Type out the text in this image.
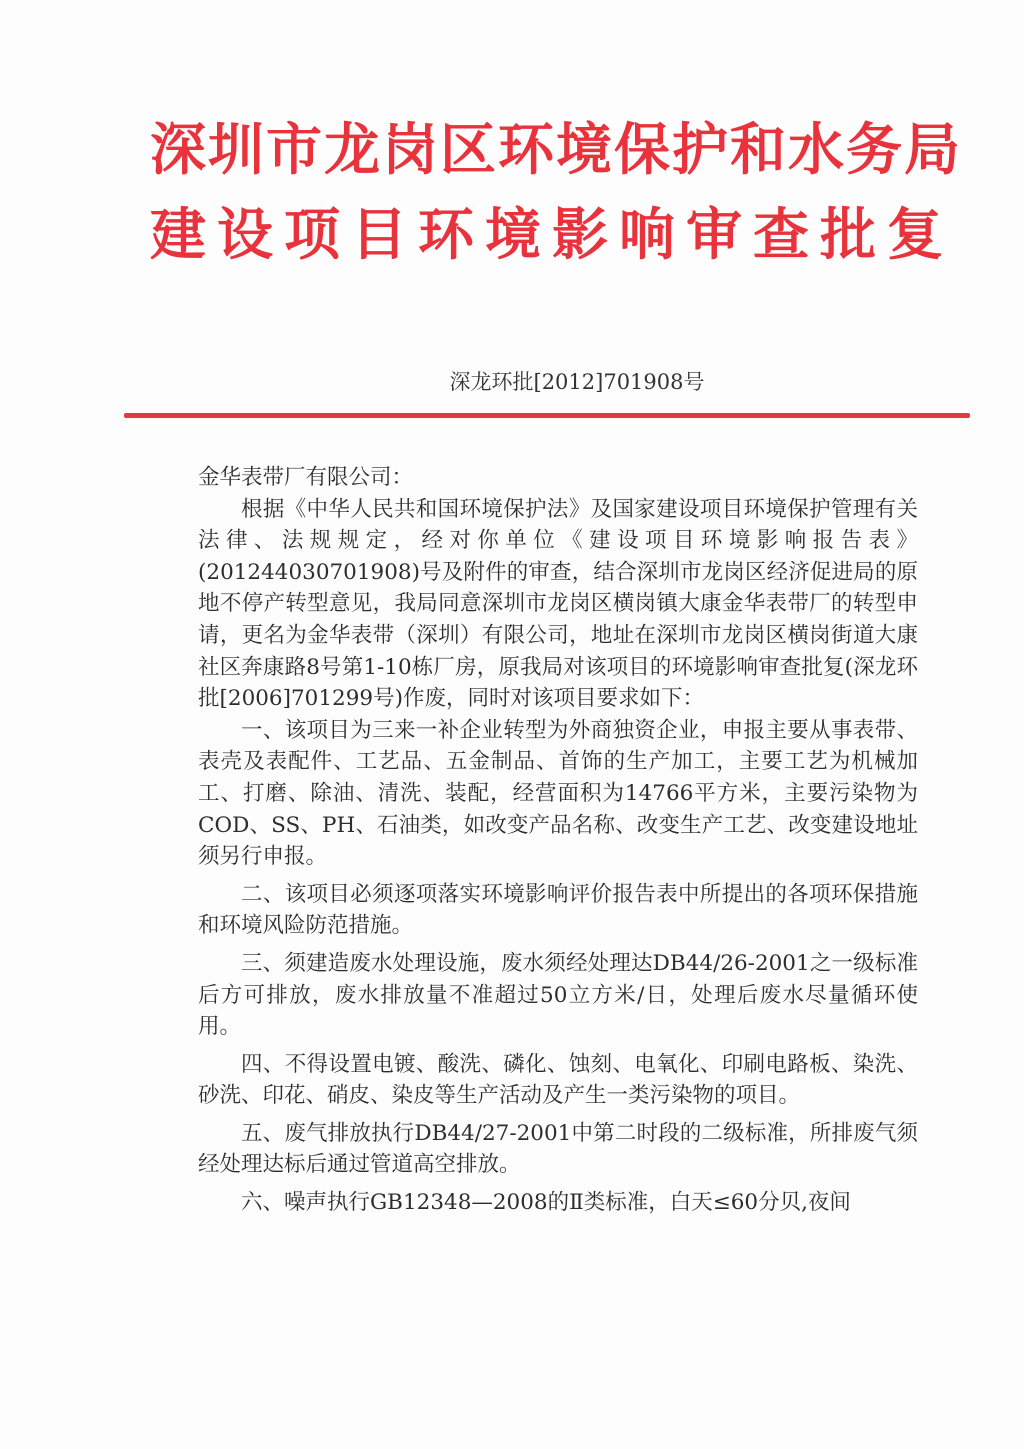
深圳市龙岗区环境保护和水务局
建设项目环境影响审查批复
深龙环批[2012]701908号

金华表带厂有限公司：

根据《中华人民共和国环境保护法》及国家建设项目环境保护管理有关法律、法规规定，经对你单位《建设项目环境影响报告表》(201244030701908)号及附件的审查，结合深圳市龙岗区经济促进局的原地不停产转型意见，我局同意深圳市龙岗区横岗镇大康金华表带厂的转型申请，更名为金华表带（深圳）有限公司，地址在深圳市龙岗区横岗街道大康社区奔康路8号第1-10栋厂房，原我局对该项目的环境影响审查批复(深龙环批[2006]701299号)作废，同时对该项目要求如下：

一、该项目为三来一补企业转型为外商独资企业，申报主要从事表带、表壳及表配件、工艺品、五金制品、首饰的生产加工，主要工艺为机械加工、打磨、除油、清洗、装配，经营面积为14766平方米，主要污染物为COD、SS、PH、石油类，如改变产品名称、改变生产工艺、改变建设地址须另行申报。

二、该项目必须逐项落实环境影响评价报告表中所提出的各项环保措施和环境风险防范措施。

三、须建造废水处理设施，废水须经处理达DB44/26-2001之一级标准后方可排放，废水排放量不准超过50立方米/日，处理后废水尽量循环使用。

四、不得设置电镀、酸洗、磷化、蚀刻、电氧化、印刷电路板、染洗、砂洗、印花、硝皮、染皮等生产活动及产生一类污染物的项目。

五、废气排放执行DB44/27-2001中第二时段的二级标准，所排废气须经处理达标后通过管道高空排放。

六、噪声执行GB12348—2008的Ⅱ类标准，白天≤60分贝,夜间
